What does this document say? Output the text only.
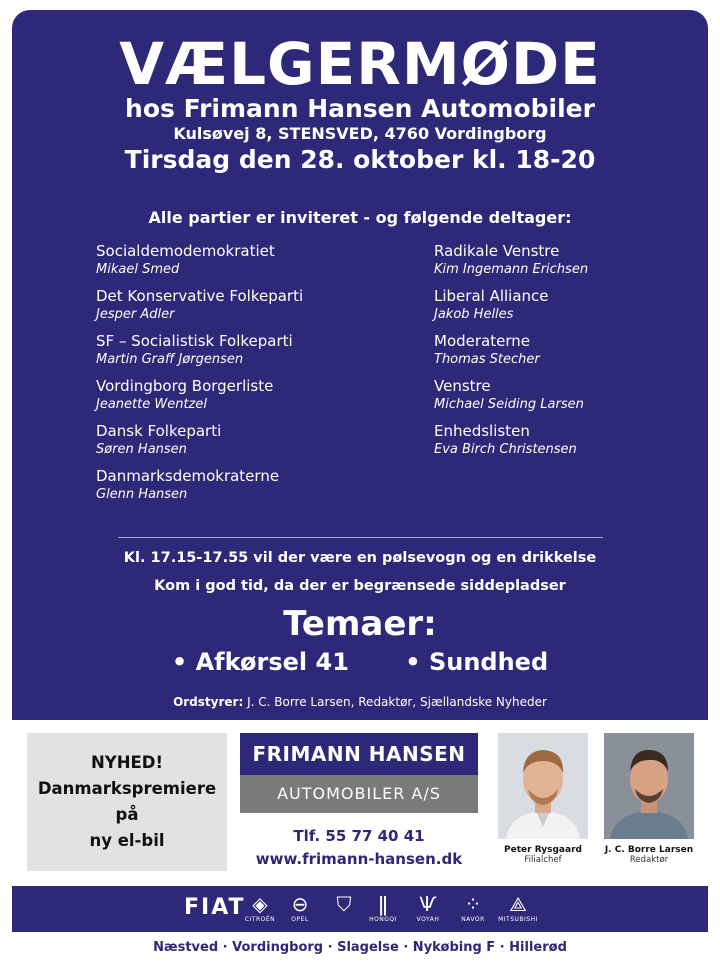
VÆLGERMØDE
hos Frimann Hansen Automobiler
Kulsøvej 8, STENSVED, 4760 Vordingborg
Tirsdag den 28. oktober kl. 18-20
Alle partier er inviteret - og følgende deltager:
Socialdemodemokratiet
Mikael Smed
Det Konservative Folkeparti
Jesper Adler
SF – Socialistisk Folkeparti
Martin Graff Jørgensen
Vordingborg Borgerliste
Jeanette Wentzel
Dansk Folkeparti
Søren Hansen
Danmarksdemokraterne
Glenn Hansen
Radikale Venstre
Kim Ingemann Erichsen
Liberal Alliance
Jakob Helles
Moderaterne
Thomas Stecher
Venstre
Michael Seiding Larsen
Enhedslisten
Eva Birch Christensen
Kl. 17.15-17.55 vil der være en pølsevogn og en drikkelse
Kom i god tid, da der er begrænsede siddepladser
Temaer:
• Afkørsel 41 • Sundhed
Ordstyrer: J. C. Borre Larsen, Redaktør, Sjællandske Nyheder
NYHED!
Danmarkspremiere
på
ny el-bil
FRIMANN HANSEN
AUTOMOBILER A/S
Tlf. 55 77 40 41
www.frimann-hansen.dk	Peter Rysgaard
Filialchef
J. C. Borre Larsen
Redaktør
FIAT ◈
CITROËN
⊖
OPEL
⛉	ǁ
HONGQI
Ѱ
VOYAH
⁘
NAVOR
⟁
MITSUBISHI
Næstved · Vordingborg · Slagelse · Nykøbing F · Hillerød
